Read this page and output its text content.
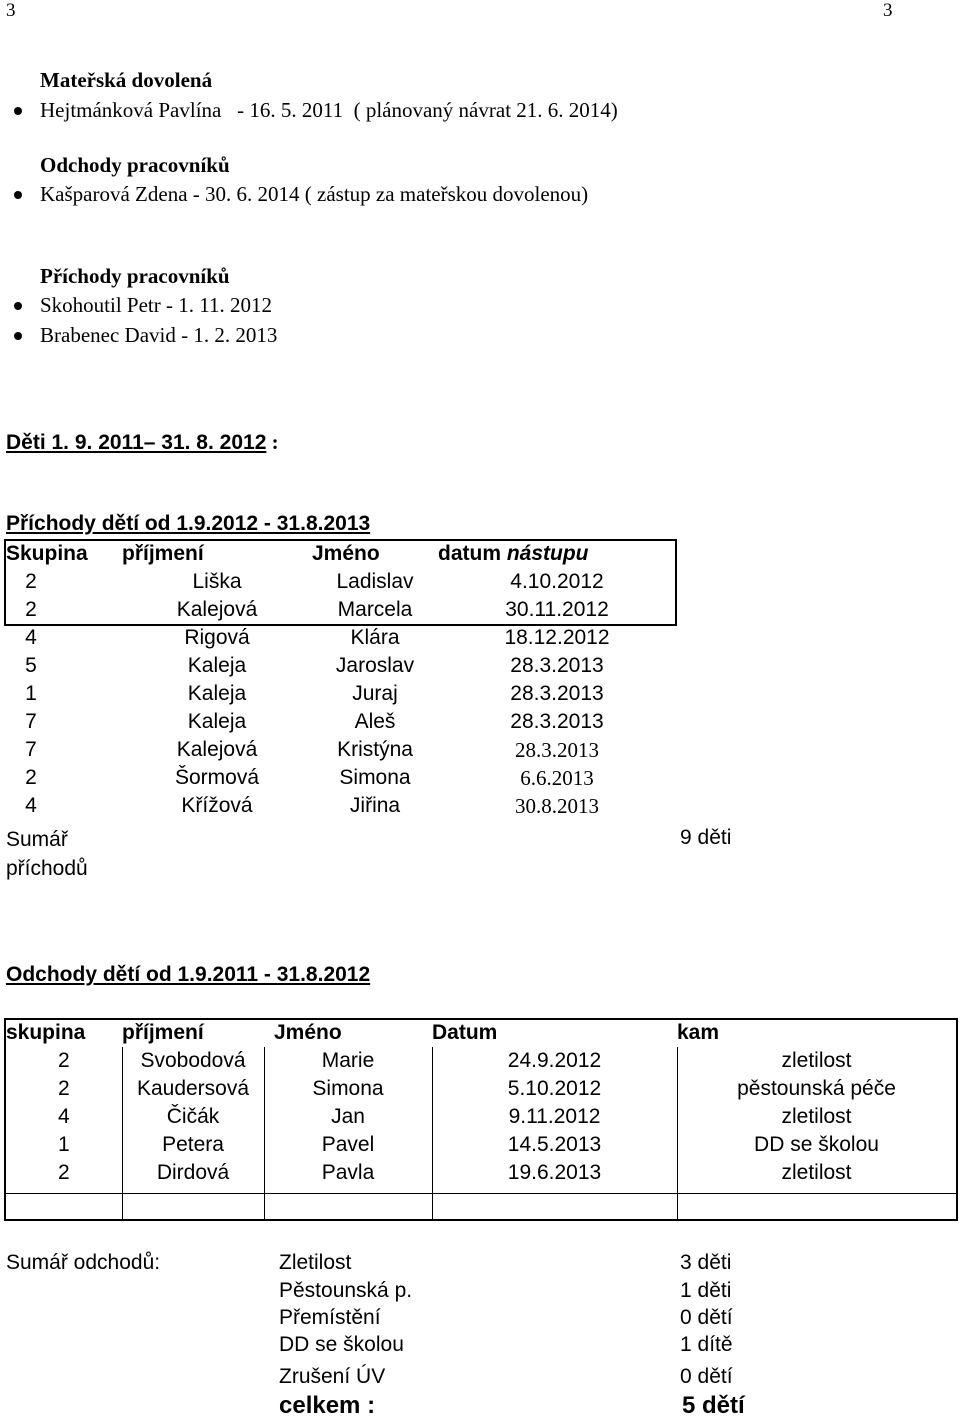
3	3
Mateřská dovolená
Hejtmánková Pavlína   - 16. 5. 2011  ( plánovaný návrat 21. 6. 2014)
Odchody pracovníků
Kašparová Zdena - 30. 6. 2014 ( zástup za mateřskou dovolenou)
Příchody pracovníků
Skohoutil Petr - 1. 11. 2012
Brabenec David - 1. 2. 2013
Děti 1. 9. 2011– 31. 8. 2012 :
Příchody dětí od 1.9.2012 - 31.8.2013
Skupina	příjmení	Jméno	datum nástupu
2	Liška	Ladislav	4.10.2012
2	Kalejová	Marcela	30.11.2012
4	Rigová	Klára	18.12.2012
5	Kaleja	Jaroslav	28.3.2013
1	Kaleja	Juraj	28.3.2013
7	Kaleja	Aleš	28.3.2013
7	Kalejová	Kristýna	28.3.2013
2	Šormová	Simona	6.6.2013
4	Křížová	Jiřina	30.8.2013
Sumář
příchodů
9 děti
Odchody dětí od 1.9.2011 - 31.8.2012
skupina	příjmení	Jméno	Datum	kam
2	Svobodová	Marie	24.9.2012	zletilost
2	Kaudersová	Simona	5.10.2012	pěstounská péče
4	Čičák	Jan	9.11.2012	zletilost
1	Petera	Pavel	14.5.2013	DD se školou
2	Dirdová	Pavla	19.6.2013	zletilost
Sumář odchodů:	Zletilost	3 děti
Pěstounská p.	1 děti
Přemístění	0 dětí
DD se školou	1 dítě
Zrušení ÚV	0 dětí
celkem :	5 dětí
